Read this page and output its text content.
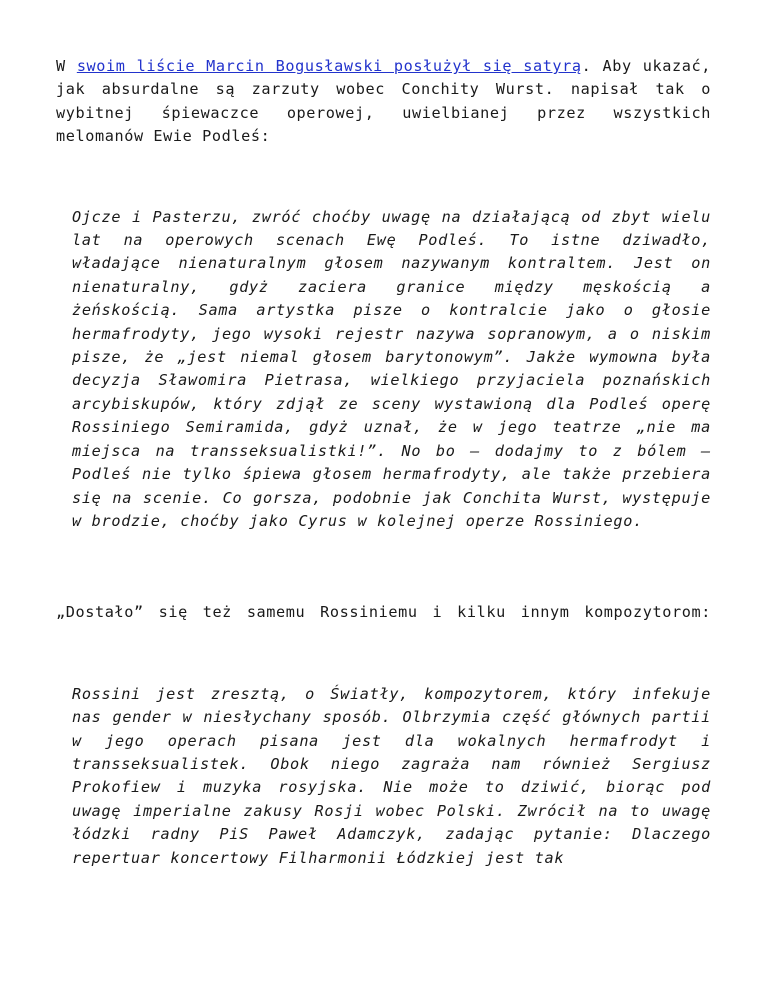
W swoim liście Marcin Bogusławski posłużył się satyrą. Aby ukazać, jak absurdalne są zarzuty wobec Conchity Wurst. napisał tak o wybitnej śpiewaczce operowej, uwielbianej przez wszystkich melomanów Ewie Podleś:

Ojcze i Pasterzu, zwróć choćby uwagę na działającą od zbyt wielu lat na operowych scenach Ewę Podleś. To istne dziwadło, władające nienaturalnym głosem nazywanym kontraltem. Jest on nienaturalny, gdyż zaciera granice między męskością a żeńskością. Sama artystka pisze o kontralcie jako o głosie hermafrodyty, jego wysoki rejestr nazywa sopranowym, a o niskim pisze, że „jest niemal głosem barytonowym”. Jakże wymowna była decyzja Sławomira Pietrasa, wielkiego przyjaciela poznańskich arcybiskupów, który zdjął ze sceny wystawioną dla Podleś operę Rossiniego Semiramida, gdyż uznał, że w jego teatrze „nie ma miejsca na transseksualistki!”. No bo – dodajmy to z bólem – Podleś nie tylko śpiewa głosem hermafrodyty, ale także przebiera się na scenie. Co gorsza, podobnie jak Conchita Wurst, występuje w brodzie, choćby jako Cyrus w kolejnej operze Rossiniego.

„Dostało” się też samemu Rossiniemu i kilku innym kompozytorom:

Rossini jest zresztą, o Światły, kompozytorem, który infekuje nas gender w niesłychany sposób. Olbrzymia część głównych partii w jego operach pisana jest dla wokalnych hermafrodyt i transseksualistek. Obok niego zagraża nam również Sergiusz Prokofiew i muzyka rosyjska. Nie może to dziwić, biorąc pod uwagę imperialne zakusy Rosji wobec Polski. Zwrócił na to uwagę łódzki radny PiS Paweł Adamczyk, zadając pytanie: Dlaczego repertuar koncertowy Filharmonii Łódzkiej jest tak
